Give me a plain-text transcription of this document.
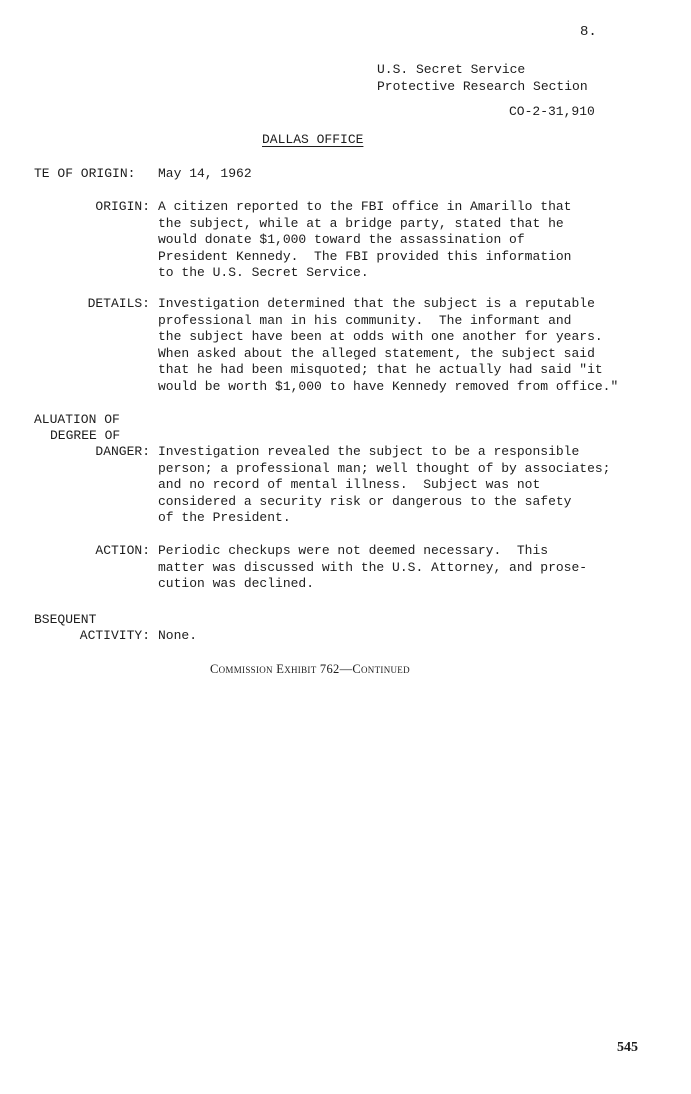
8.
U.S. Secret Service
Protective Research Section
CO-2-31,910
DALLAS OFFICE
TE OF ORIGIN: May 14, 1962
ORIGIN: A citizen reported to the FBI office in Amarillo that
the subject, while at a bridge party, stated that he
would donate $1,000 toward the assassination of
President Kennedy.  The FBI provided this information
to the U.S. Secret Service.
DETAILS: Investigation determined that the subject is a reputable
professional man in his community.  The informant and
the subject have been at odds with one another for years.
When asked about the alleged statement, the subject said
that he had been misquoted; that he actually had said "it
would be worth $1,000 to have Kennedy removed from office."
ALUATION OF
DEGREE OF
DANGER: Investigation revealed the subject to be a responsible
person; a professional man; well thought of by associates;
and no record of mental illness.  Subject was not
considered a security risk or dangerous to the safety
of the President.
ACTION: Periodic checkups were not deemed necessary.  This
matter was discussed with the U.S. Attorney, and prose-
cution was declined.
BSEQUENT
ACTIVITY: None.
Commission Exhibit 762—Continued
545
